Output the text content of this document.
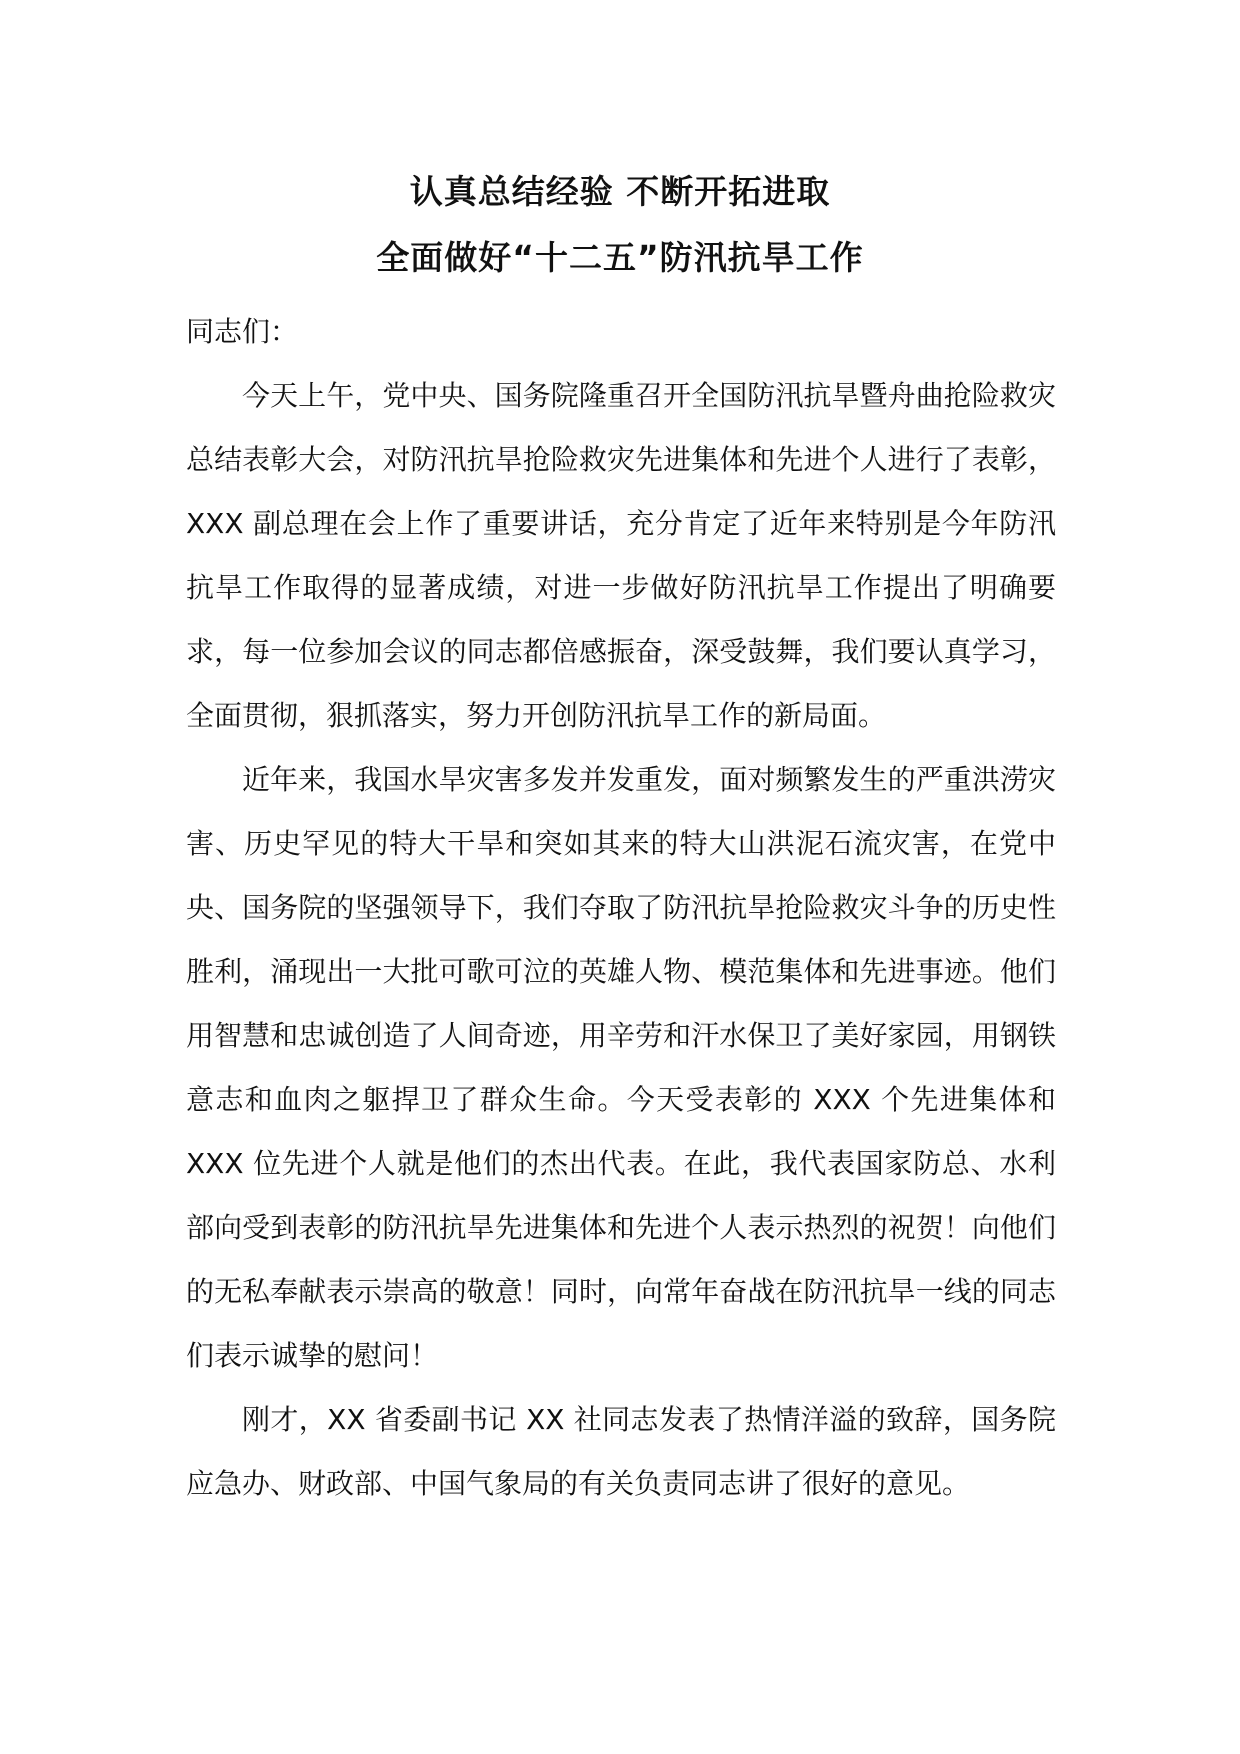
认真总结经验 不断开拓进取

全面做好“十二五”防汛抗旱工作

同志们：

今天上午，党中央、国务院隆重召开全国防汛抗旱暨舟曲抢险救灾总结表彰大会，对防汛抗旱抢险救灾先进集体和先进个人进行了表彰，XXX 副总理在会上作了重要讲话，充分肯定了近年来特别是今年防汛抗旱工作取得的显著成绩，对进一步做好防汛抗旱工作提出了明确要求，每一位参加会议的同志都倍感振奋，深受鼓舞，我们要认真学习，全面贯彻，狠抓落实，努力开创防汛抗旱工作的新局面。

近年来，我国水旱灾害多发并发重发，面对频繁发生的严重洪涝灾害、历史罕见的特大干旱和突如其来的特大山洪泥石流灾害，在党中央、国务院的坚强领导下，我们夺取了防汛抗旱抢险救灾斗争的历史性胜利，涌现出一大批可歌可泣的英雄人物、模范集体和先进事迹。他们用智慧和忠诚创造了人间奇迹，用辛劳和汗水保卫了美好家园，用钢铁意志和血肉之躯捍卫了群众生命。今天受表彰的 XXX 个先进集体和 XXX 位先进个人就是他们的杰出代表。在此，我代表国家防总、水利部向受到表彰的防汛抗旱先进集体和先进个人表示热烈的祝贺！向他们的无私奉献表示崇高的敬意！同时，向常年奋战在防汛抗旱一线的同志们表示诚挚的慰问！

刚才，XX 省委副书记 XX 社同志发表了热情洋溢的致辞，国务院应急办、财政部、中国气象局的有关负责同志讲了很好的意见。
